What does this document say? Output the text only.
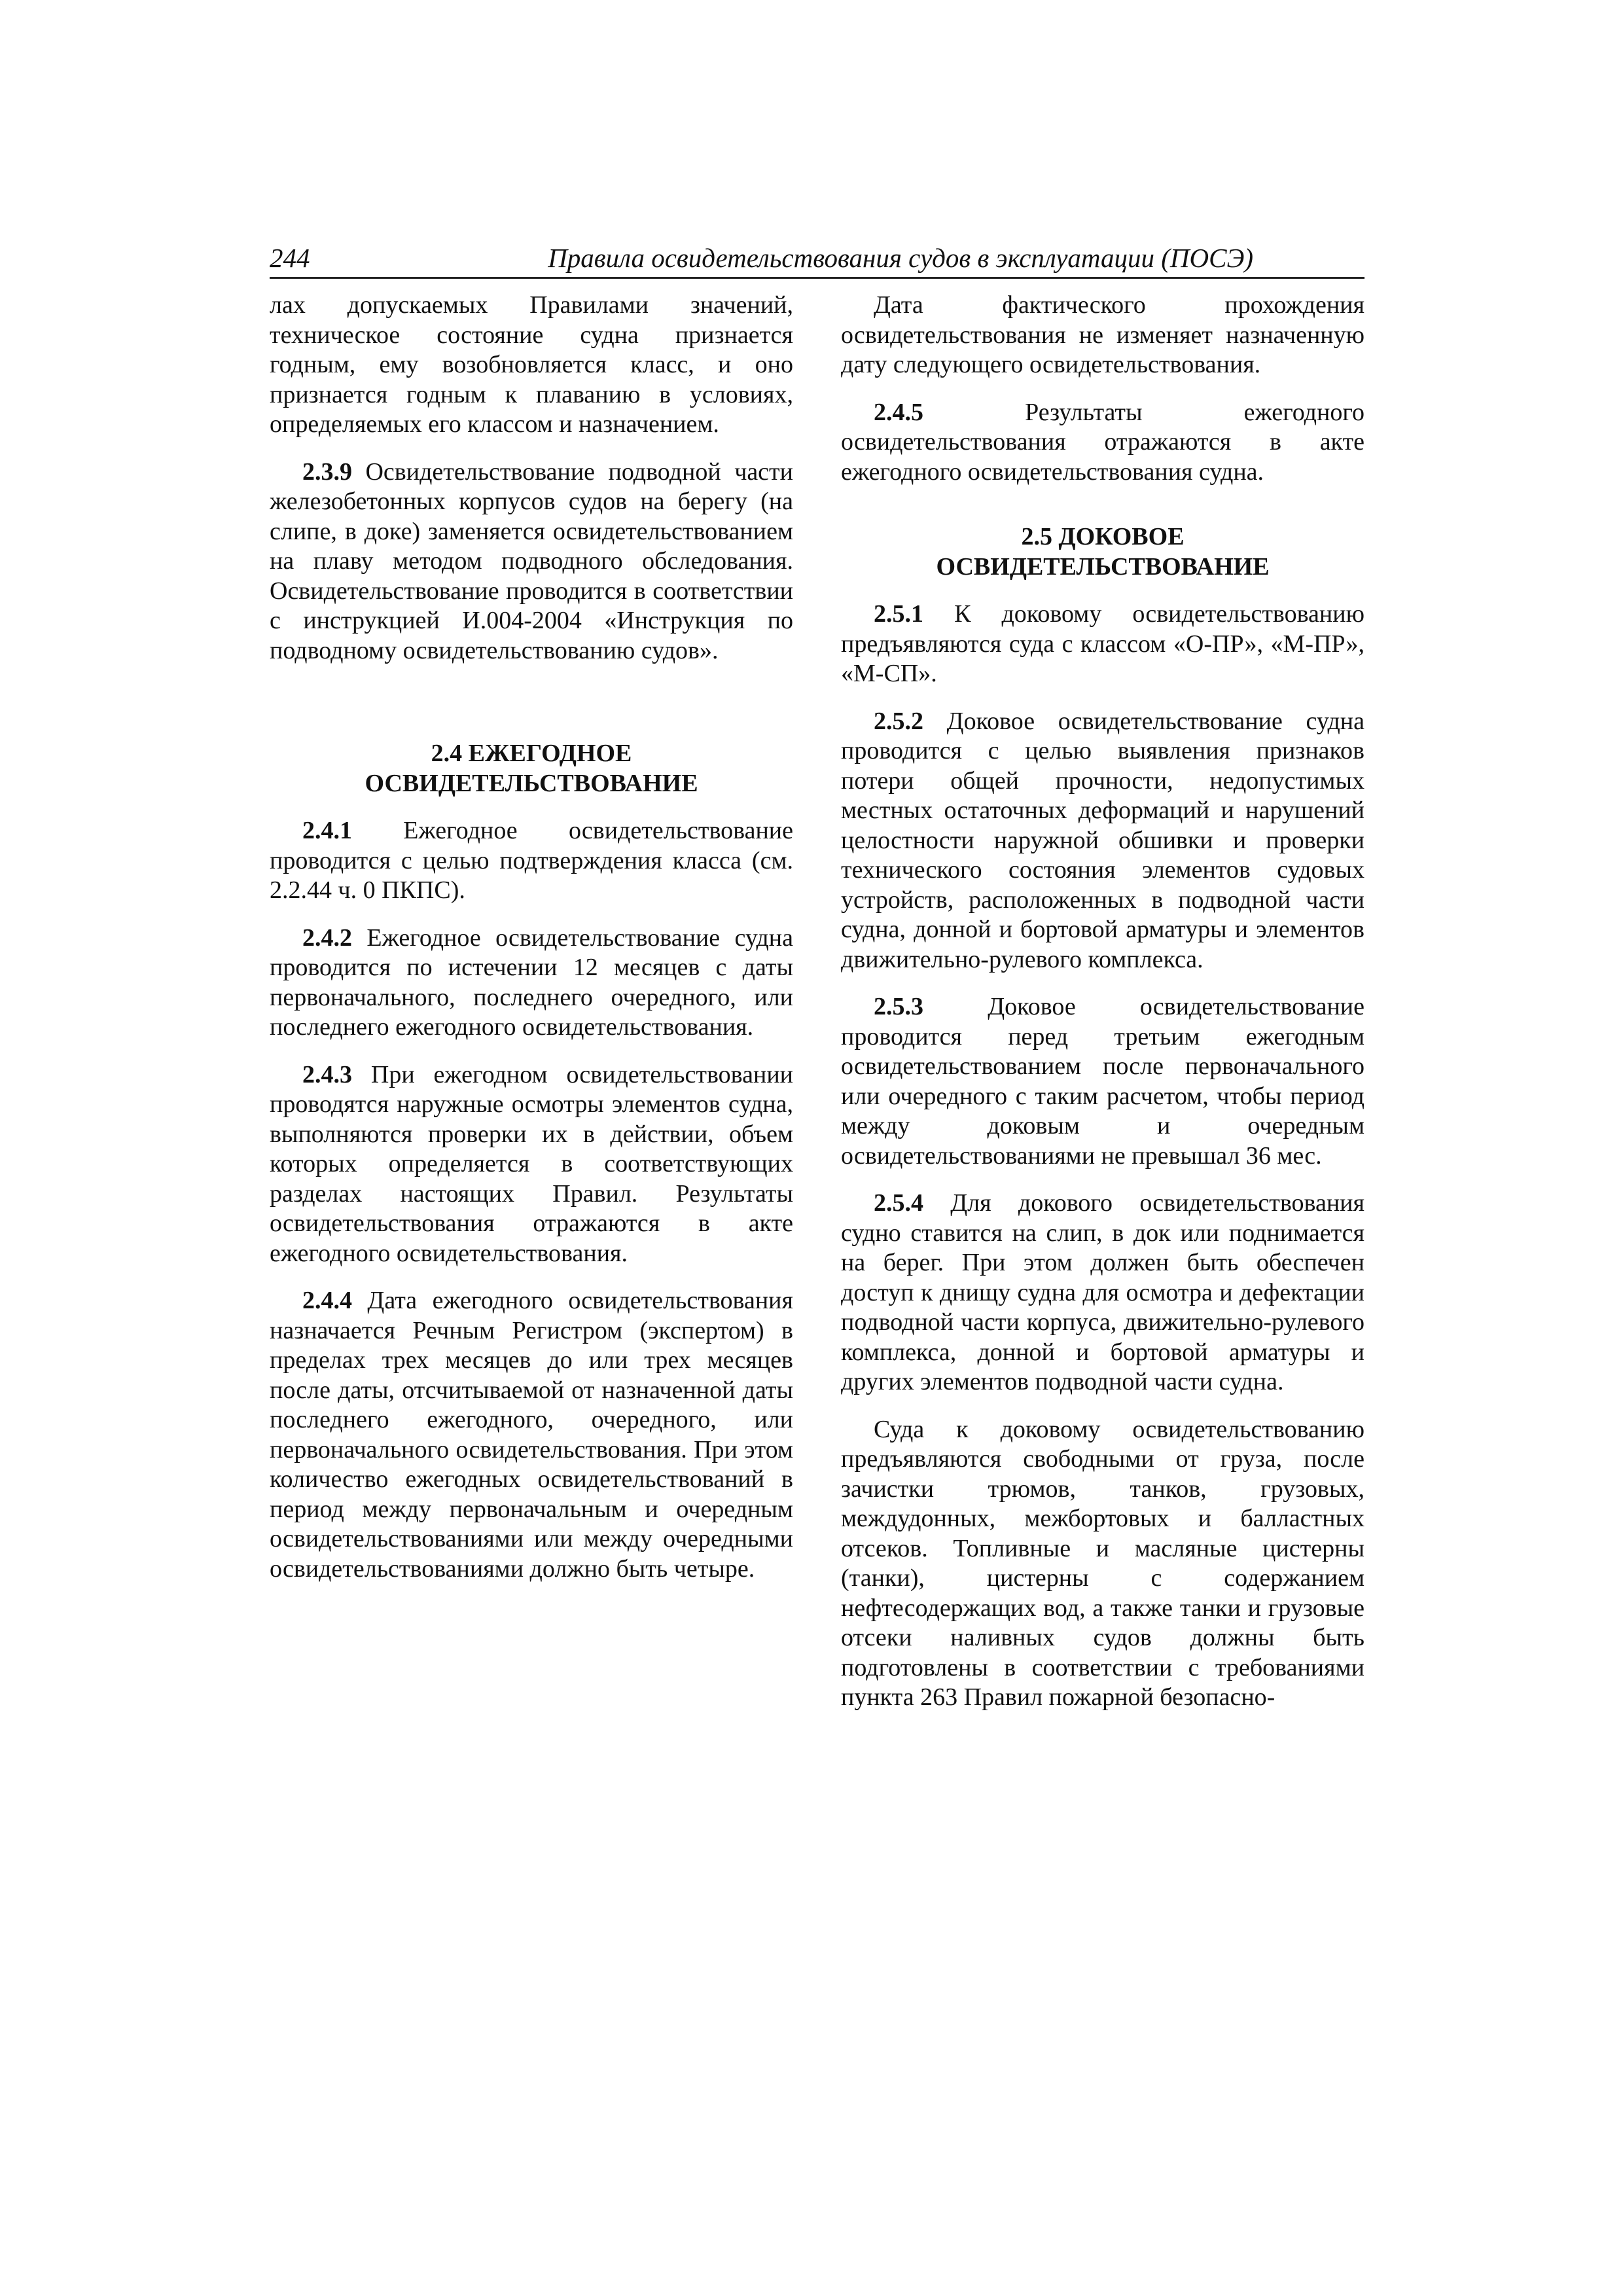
244	Правила освидетельствования судов в эксплуатации (ПОСЭ)

лах допускаемых Правилами значений, техническое состояние судна признается годным, ему возобновляется класс, и оно признается годным к плаванию в условиях, определяемых его классом и назначением.

2.3.9 Освидетельствование подводной части железобетонных корпусов судов на берегу (на слипе, в доке) заменяется освидетельствованием на плаву методом подводного обследования. Освидетельствование проводится в соответствии с инструкцией И.004-2004 «Инструкция по подводному освидетельствованию судов».

2.4 ЕЖЕГОДНОЕ
ОСВИДЕТЕЛЬСТВОВАНИЕ

2.4.1 Ежегодное освидетельствование проводится с целью подтверждения класса (см. 2.2.44 ч. 0 ПКПС).

2.4.2 Ежегодное освидетельствование судна проводится по истечении 12 месяцев с даты первоначального, последнего очередного, или последнего ежегодного освидетельствования.

2.4.3 При ежегодном освидетельствовании проводятся наружные осмотры элементов судна, выполняются проверки их в действии, объем которых определяется в соответствующих разделах настоящих Правил. Результаты освидетельствования отражаются в акте ежегодного освидетельствования.

2.4.4 Дата ежегодного освидетельствования назначается Речным Регистром (экспертом) в пределах трех месяцев до или трех месяцев после даты, отсчитываемой от назначенной даты последнего ежегодного, очередного, или первоначального освидетельствования. При этом количество ежегодных освидетельствований в период между первоначальным и очередным освидетельствованиями или между очередными освидетельствованиями должно быть четыре.

Дата фактического прохождения освидетельствования не изменяет назначенную дату следующего освидетельствования.

2.4.5 Результаты ежегодного освидетельствования отражаются в акте ежегодного освидетельствования судна.

2.5 ДОКОВОЕ
ОСВИДЕТЕЛЬСТВОВАНИЕ

2.5.1 К доковому освидетельствованию предъявляются суда с классом «О-ПР», «М-ПР», «М-СП».

2.5.2 Доковое освидетельствование судна проводится с целью выявления признаков потери общей прочности, недопустимых местных остаточных деформаций и нарушений целостности наружной обшивки и проверки технического состояния элементов судовых устройств, расположенных в подводной части судна, донной и бортовой арматуры и элементов движительно-рулевого комплекса.

2.5.3 Доковое освидетельствование проводится перед третьим ежегодным освидетельствованием после первоначального или очередного с таким расчетом, чтобы период между доковым и очередным освидетельствованиями не превышал 36 мес.

2.5.4 Для докового освидетельствования судно ставится на слип, в док или поднимается на берег. При этом должен быть обеспечен доступ к днищу судна для осмотра и дефектации подводной части корпуса, движительно-рулевого комплекса, донной и бортовой арматуры и других элементов подводной части судна.

Суда к доковому освидетельствованию предъявляются свободными от груза, после зачистки трюмов, танков, грузовых, междудонных, межбортовых и балластных отсеков. Топливные и масляные цистерны (танки), цистерны с содержанием нефтесодержащих вод, а также танки и грузовые отсеки наливных судов должны быть подготовлены в соответствии с требованиями пункта 263 Правил пожарной безопасно-
